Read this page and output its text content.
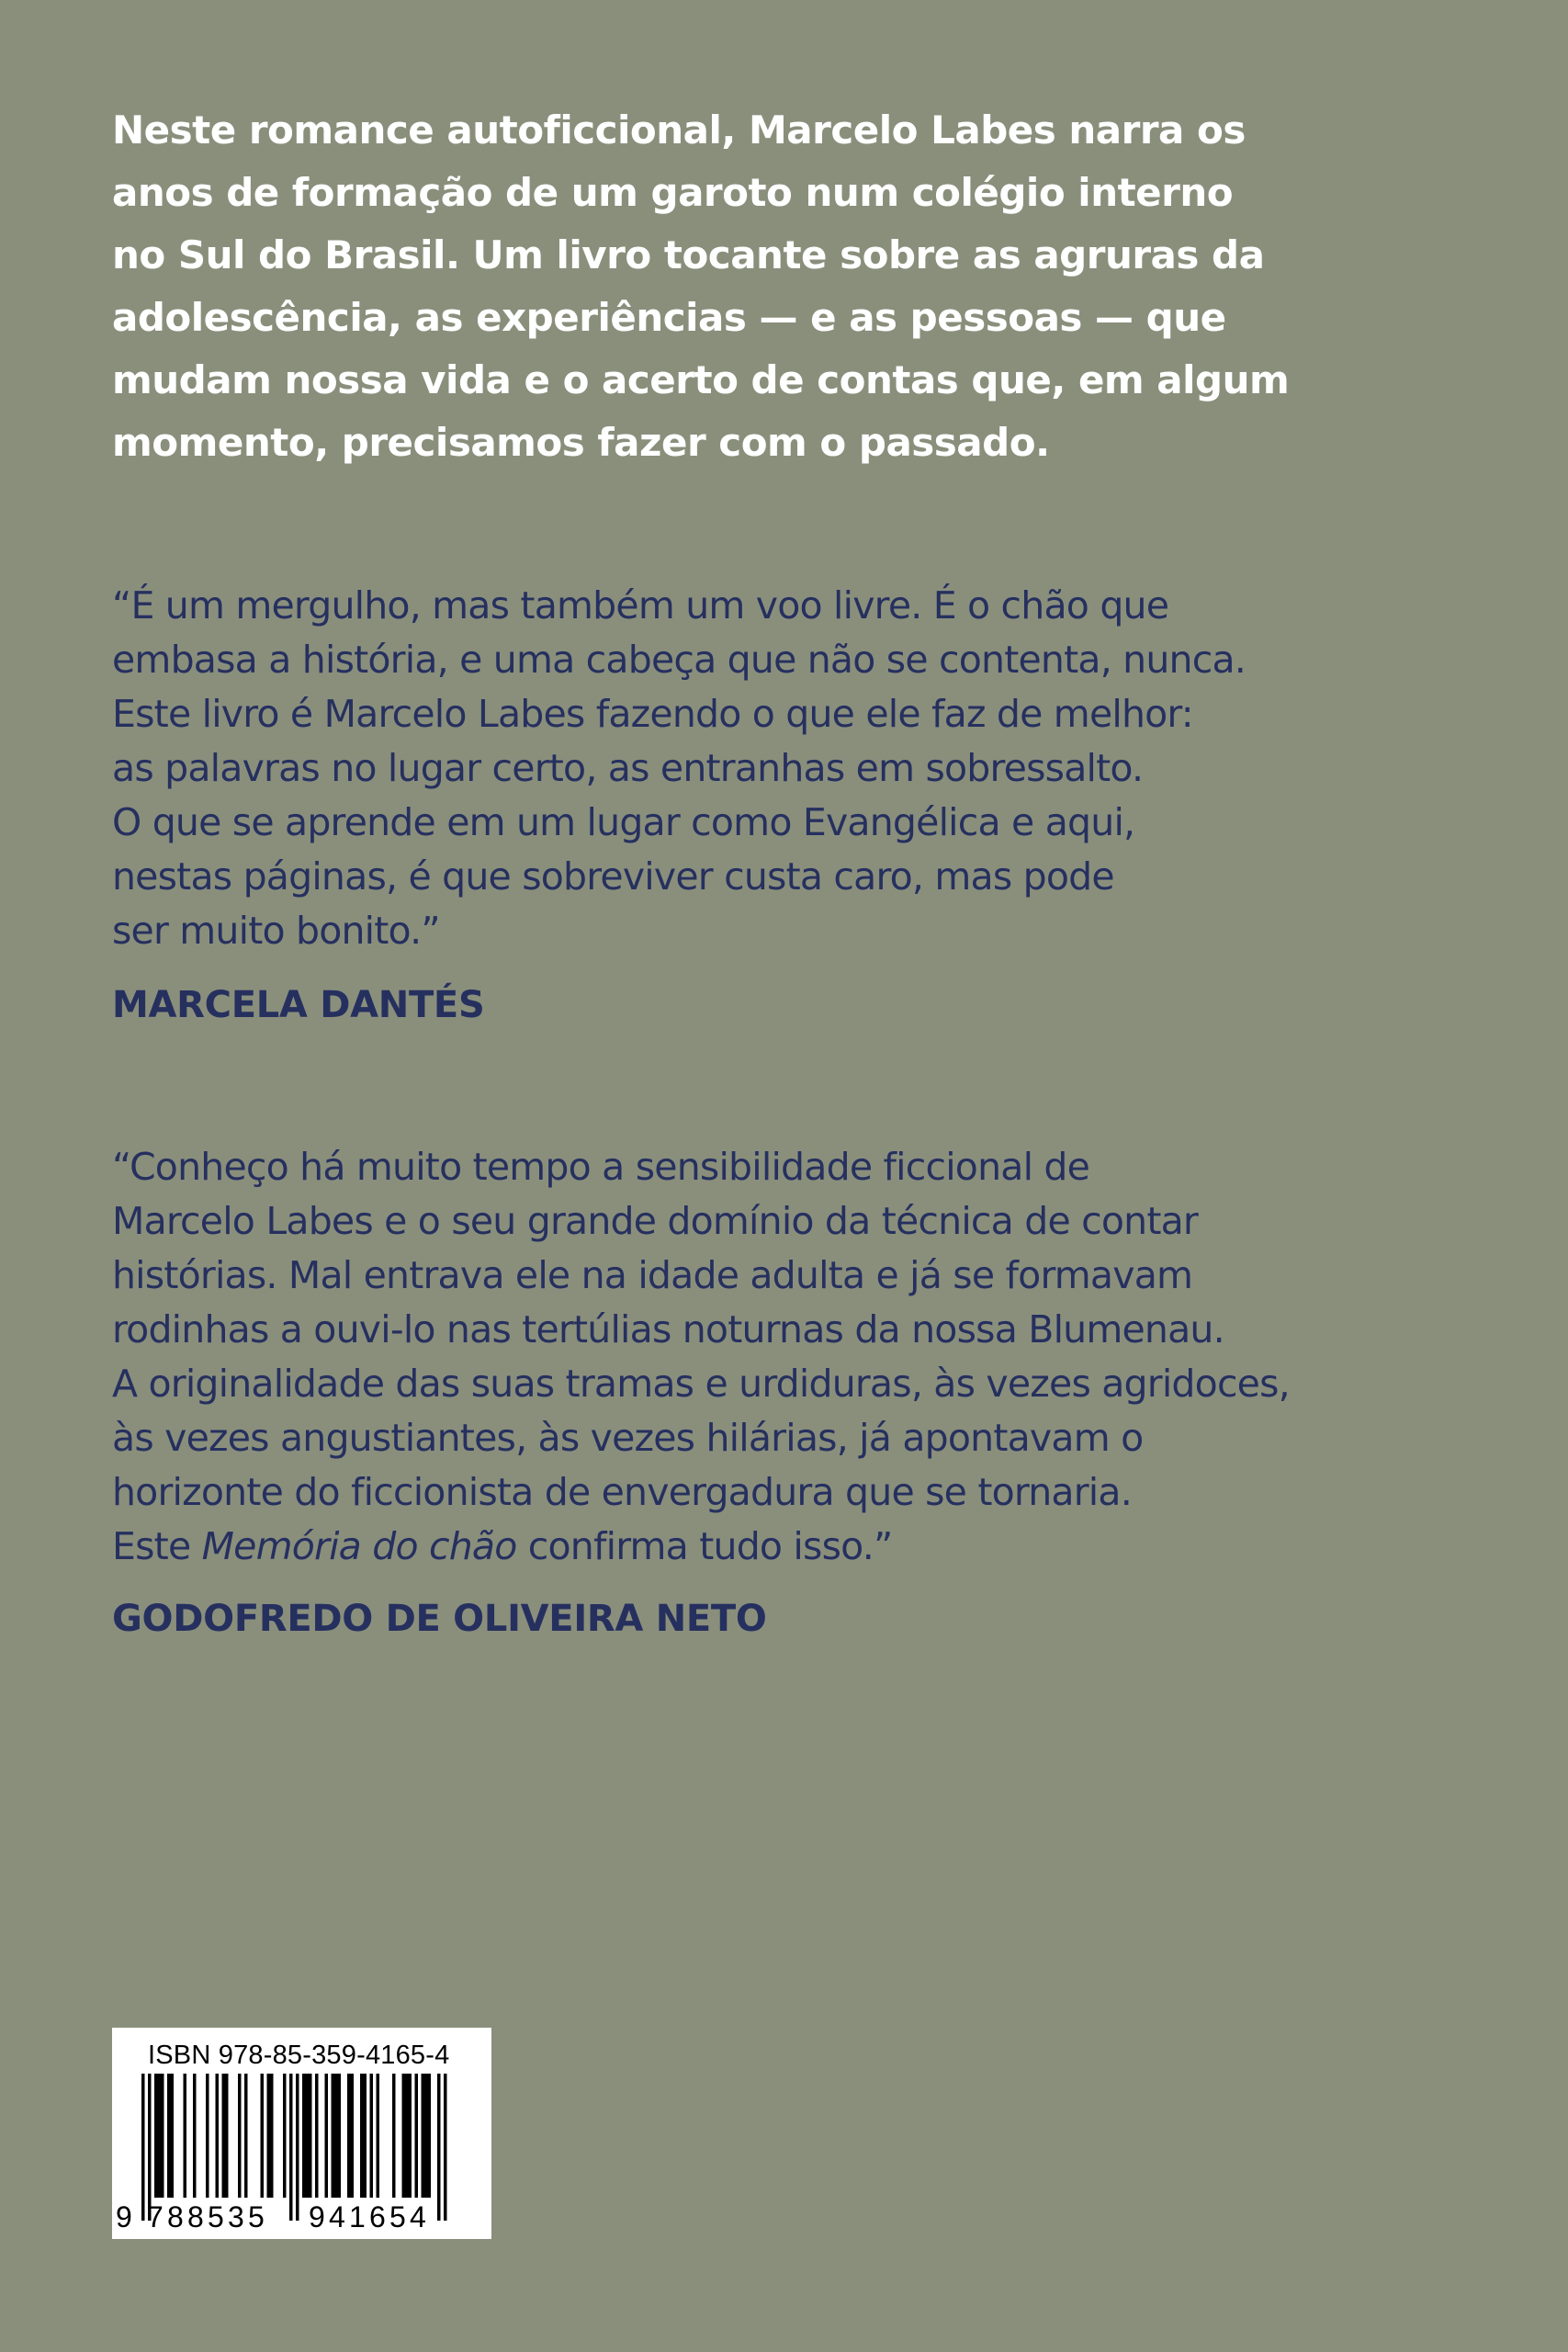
Neste romance autoficcional, Marcelo Labes narra os
anos de formação de um garoto num colégio interno
no Sul do Brasil. Um livro tocante sobre as agruras da
adolescência, as experiências — e as pessoas — que
mudam nossa vida e o acerto de contas que, em algum
momento, precisamos fazer com o passado.

“É um mergulho, mas também um voo livre. É o chão que
embasa a história, e uma cabeça que não se contenta, nunca.
Este livro é Marcelo Labes fazendo o que ele faz de melhor:
as palavras no lugar certo, as entranhas em sobressalto.
O que se aprende em um lugar como Evangélica e aqui,
nestas páginas, é que sobreviver custa caro, mas pode
ser muito bonito.”

MARCELA DANTÉS

“Conheço há muito tempo a sensibilidade ficcional de
Marcelo Labes e o seu grande domínio da técnica de contar
histórias. Mal entrava ele na idade adulta e já se formavam
rodinhas a ouvi-lo nas tertúlias noturnas da nossa Blumenau.
A originalidade das suas tramas e urdiduras, às vezes agridoces,
às vezes angustiantes, às vezes hilárias, já apontavam o
horizonte do ficcionista de envergadura que se tornaria.
Este Memória do chão confirma tudo isso.”

GODOFREDO DE OLIVEIRA NETO

ISBN 978-85-359-4165-4
9 788535 941654
